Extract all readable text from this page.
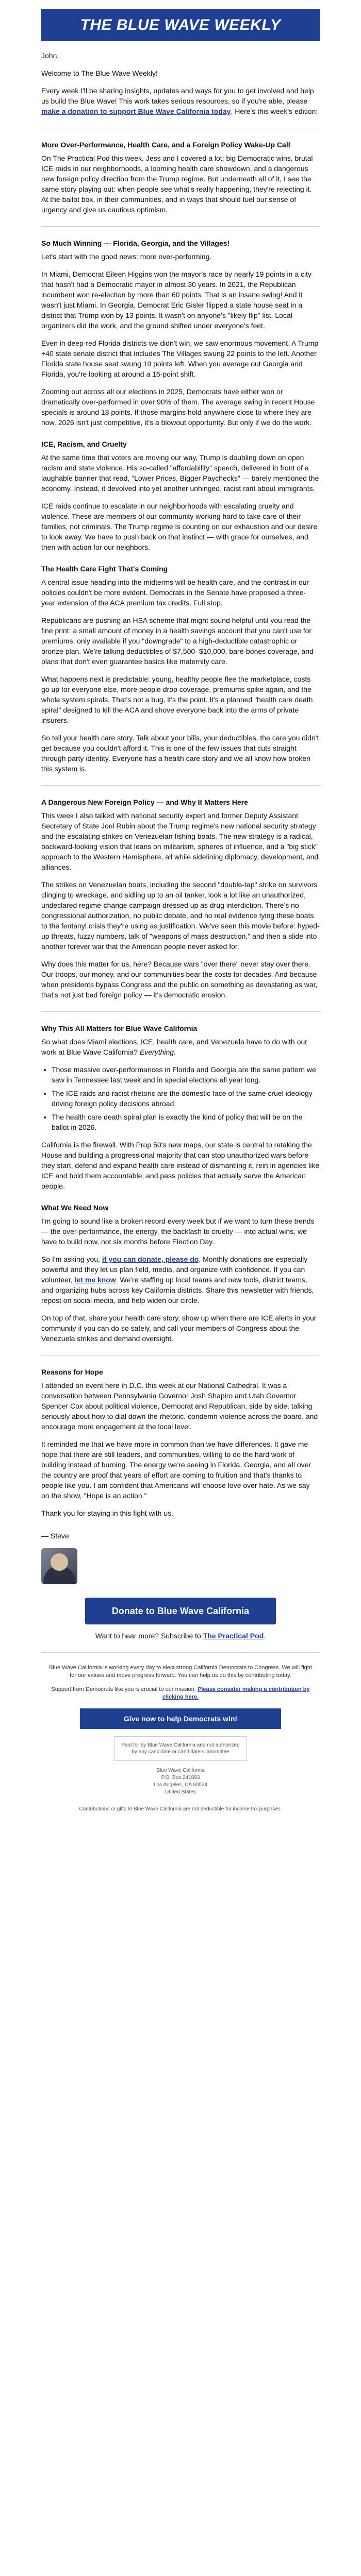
THE BLUE WAVE WEEKLY

John,

Welcome to The Blue Wave Weekly!

Every week I'll be sharing insights, updates and ways for you to get involved and help us build the Blue Wave! This work takes serious resources, so if you're able, please make a donation to support Blue Wave California today. Here's this week's edition:

More Over-Performance, Health Care, and a Foreign Policy Wake-Up Call

On The Practical Pod this week, Jess and I covered a lot: big Democratic wins, brutal ICE raids in our neighborhoods, a looming health care showdown, and a dangerous new foreign policy direction from the Trump regime. But underneath all of it, I see the same story playing out: when people see what's really happening, they're rejecting it. At the ballot box, in their communities, and in ways that should fuel our sense of urgency and give us cautious optimism.

So Much Winning — Florida, Georgia, and the Villages!

Let's start with the good news: more over-performing.

In Miami, Democrat Eileen Higgins won the mayor's race by nearly 19 points in a city that hasn't had a Democratic mayor in almost 30 years. In 2021, the Republican incumbent won re-election by more than 60 points. That is an insane swing! And it wasn't just Miami. In Georgia, Democrat Eric Gisler flipped a state house seat in a district that Trump won by 13 points. It wasn't on anyone's "likely flip" list. Local organizers did the work, and the ground shifted under everyone's feet.

Even in deep-red Florida districts we didn't win, we saw enormous movement. A Trump +40 state senate district that includes The Villages swung 22 points to the left. Another Florida state house seat swung 19 points left. When you average out Georgia and Florida, you're looking at around a 16-point shift.

Zooming out across all our elections in 2025, Democrats have either won or dramatically over-performed in over 90% of them. The average swing in recent House specials is around 18 points. If those margins hold anywhere close to where they are now, 2026 isn't just competitive, it's a blowout opportunity. But only if we do the work.

ICE, Racism, and Cruelty

At the same time that voters are moving our way, Trump is doubling down on open racism and state violence. His so-called "affordability" speech, delivered in front of a laughable banner that read, "Lower Prices, Bigger Paychecks" — barely mentioned the economy. Instead, it devolved into yet another unhinged, racist rant about immigrants.

ICE raids continue to escalate in our neighborhoods with escalating cruelty and violence. These are members of our community working hard to take care of their families, not criminals. The Trump regime is counting on our exhaustion and our desire to look away. We have to push back on that instinct — with grace for ourselves, and then with action for our neighbors.

The Health Care Fight That's Coming

A central issue heading into the midterms will be health care, and the contrast in our policies couldn't be more evident. Democrats in the Senate have proposed a three-year extension of the ACA premium tax credits. Full stop.

Republicans are pushing an HSA scheme that might sound helpful until you read the fine print: a small amount of money in a health savings account that you can't use for premiums, only available if you "downgrade" to a high-deductible catastrophic or bronze plan. We're talking deductibles of $7,500–$10,000, bare-bones coverage, and plans that don't even guarantee basics like maternity care.

What happens next is predictable: young, healthy people flee the marketplace, costs go up for everyone else, more people drop coverage, premiums spike again, and the whole system spirals. That's not a bug, it's the point. It's a planned "health care death spiral" designed to kill the ACA and shove everyone back into the arms of private insurers.

So tell your health care story. Talk about your bills, your deductibles, the care you didn't get because you couldn't afford it. This is one of the few issues that cuts straight through party identity. Everyone has a health care story and we all know how broken this system is.

A Dangerous New Foreign Policy — and Why It Matters Here

This week I also talked with national security expert and former Deputy Assistant Secretary of State Joel Rubin about the Trump regime's new national security strategy and the escalating strikes on Venezuelan fishing boats. The new strategy is a radical, backward-looking vision that leans on militarism, spheres of influence, and a "big stick" approach to the Western Hemisphere, all while sidelining diplomacy, development, and alliances.

The strikes on Venezuelan boats, including the second "double-tap" strike on survivors clinging to wreckage, and sidling up to an oil tanker, look a lot like an unauthorized, undeclared regime-change campaign dressed up as drug interdiction. There's no congressional authorization, no public debate, and no real evidence tying these boats to the fentanyl crisis they're using as justification. We've seen this movie before: hyped-up threats, fuzzy numbers, talk of "weapons of mass destruction," and then a slide into another forever war that the American people never asked for.

Why does this matter for us, here? Because wars "over there" never stay over there. Our troops, our money, and our communities bear the costs for decades. And because when presidents bypass Congress and the public on something as devastating as war, that's not just bad foreign policy — it's democratic erosion.

Why This All Matters for Blue Wave California

So what does Miami elections, ICE, health care, and Venezuela have to do with our work at Blue Wave California? Everything.

• Those massive over-performances in Florida and Georgia are the same pattern we saw in Tennessee last week and in special elections all year long.
• The ICE raids and racist rhetoric are the domestic face of the same cruel ideology driving foreign policy decisions abroad.
• The health care death spiral plan is exactly the kind of policy that will be on the ballot in 2026.

California is the firewall. With Prop 50's new maps, our state is central to retaking the House and building a progressional majority that can stop unauthorized wars before they start, defend and expand health care instead of dismantling it, rein in agencies like ICE and hold them accountable, and pass policies that actually serve the American people.

What We Need Now

I'm going to sound like a broken record every week but if we want to turn these trends — the over-performance, the energy, the backlash to cruelty — into actual wins, we have to build now, not six months before Election Day.

So I'm asking you, if you can donate, please do. Monthly donations are especially powerful and they let us plan field, media, and organize with confidence. If you can volunteer, let me know. We're staffing up local teams and new tools, district teams, and organizing hubs across key California districts. Share this newsletter with friends, repost on social media, and help widen our circle.

On top of that, share your health care story, show up when there are ICE alerts in your community if you can do so safely, and call your members of Congress about the Venezuela strikes and demand oversight.

Reasons for Hope

I attended an event here in D.C. this week at our National Cathedral. It was a conversation between Pennsylvania Governor Josh Shapiro and Utah Governor Spencer Cox about political violence, Democrat and Republican, side by side, talking seriously about how to dial down the rhetoric, condemn violence across the board, and encourage more engagement at the local level.

It reminded me that we have more in common than we have differences. It gave me hope that there are still leaders, and communities, willing to do the hard work of building instead of burning. The energy we're seeing in Florida, Georgia, and all over the country are proof that years of effort are coming to fruition and that's thanks to people like you. I am confident that Americans will choose love over hate. As we say on the show, "Hope is an action."

Thank you for staying in this fight with us.

— Steve

Donate to Blue Wave California

Want to hear more? Subscribe to The Practical Pod.

Blue Wave California is working every day to elect strong California Democrats to Congress. We will fight for our values and move progress forward. You can help us do this by contributing today.
Support from Democrats like you is crucial to our mission. Please consider making a contribution by clicking here.
Give now to help Democrats win!
Paid for by Blue Wave California and not authorized by any candidate or candidate's committee
Blue Wave California
P.O. Box 241893
Los Angeles, CA 90024
United States
Contributions or gifts to Blue Wave California are not deductible for income tax purposes.
